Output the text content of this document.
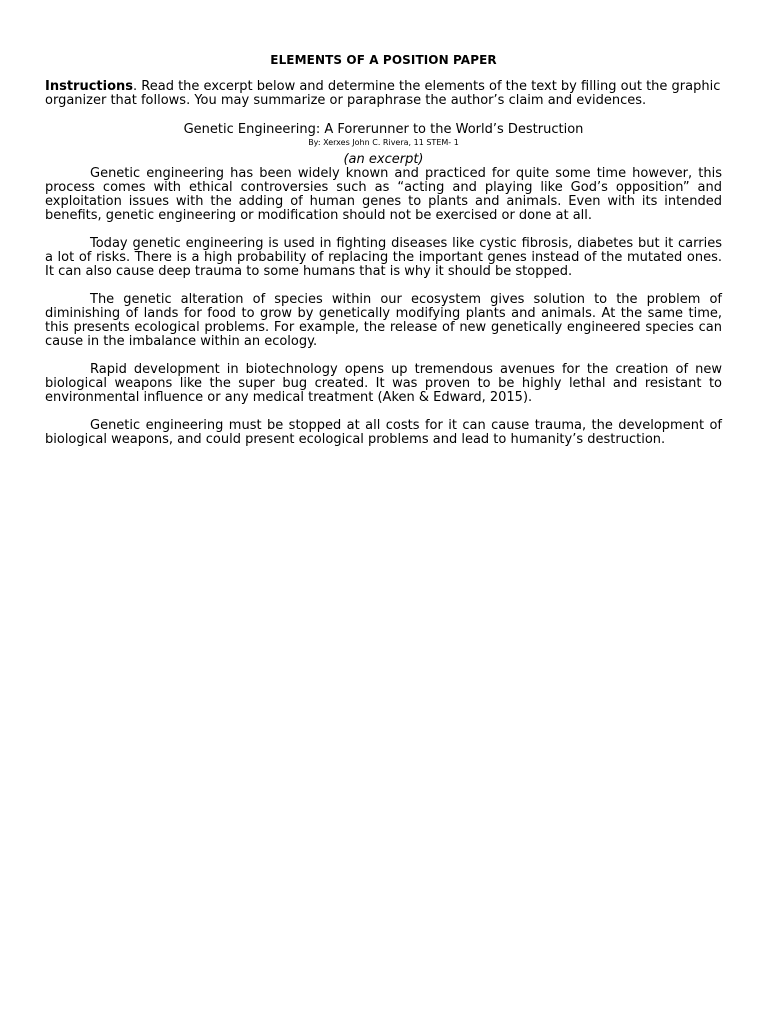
ELEMENTS OF A POSITION PAPER

Instructions. Read the excerpt below and determine the elements of the text by filling out the graphic organizer that follows. You may summarize or paraphrase the author’s claim and evidences.

Genetic Engineering: A Forerunner to the World’s Destruction
By: Xerxes John C. Rivera, 11 STEM- 1
(an excerpt)

Genetic engineering has been widely known and practiced for quite some time however, this process comes with ethical controversies such as “acting and playing like God’s opposition” and exploitation issues with the adding of human genes to plants and animals. Even with its intended benefits, genetic engineering or modification should not be exercised or done at all.

Today genetic engineering is used in fighting diseases like cystic fibrosis, diabetes but it carries a lot of risks. There is a high probability of replacing the important genes instead of the mutated ones. It can also cause deep trauma to some humans that is why it should be stopped.

The genetic alteration of species within our ecosystem gives solution to the problem of diminishing of lands for food to grow by genetically modifying plants and animals. At the same time, this presents ecological problems. For example, the release of new genetically engineered species can cause in the imbalance within an ecology.

Rapid development in biotechnology opens up tremendous avenues for the creation of new biological weapons like the super bug created. It was proven to be highly lethal and resistant to environmental influence or any medical treatment (Aken & Edward, 2015).

Genetic engineering must be stopped at all costs for it can cause trauma, the development of biological weapons, and could present ecological problems and lead to humanity’s destruction.
